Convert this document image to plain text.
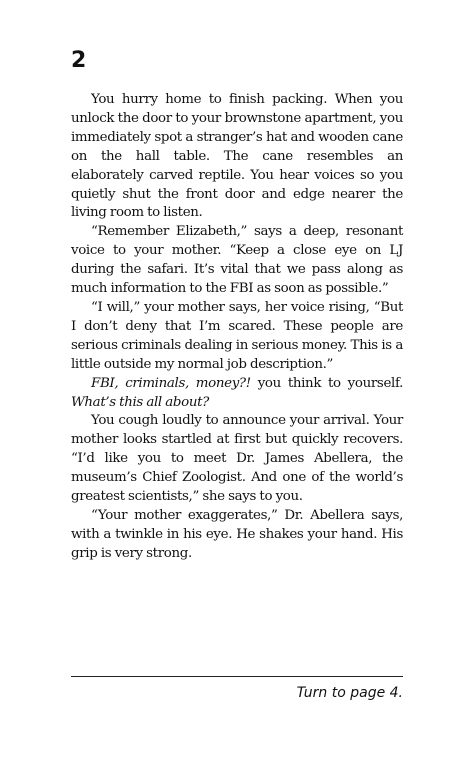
2

You hurry home to finish packing. When you unlock the door to your brownstone apartment, you immediately spot a stranger’s hat and wooden cane on the hall table. The cane resembles an elaborately carved reptile. You hear voices so you quietly shut the front door and edge nearer the living room to listen.

“Remember Elizabeth,” says a deep, resonant voice to your mother. “Keep a close eye on LJ during the safari. It’s vital that we pass along as much information to the FBI as soon as possible.”

“I will,” your mother says, her voice rising, “But I don’t deny that I’m scared. These people are serious criminals dealing in serious money. This is a little outside my normal job description.”

FBI, criminals, money?! you think to yourself. What’s this all about?

You cough loudly to announce your arrival. Your mother looks startled at first but quickly recovers. “I’d like you to meet Dr. James Abellera, the museum’s Chief Zoologist. And one of the world’s greatest scientists,” she says to you.

“Your mother exaggerates,” Dr. Abellera says, with a twinkle in his eye. He shakes your hand. His grip is very strong.

Turn to page 4.
